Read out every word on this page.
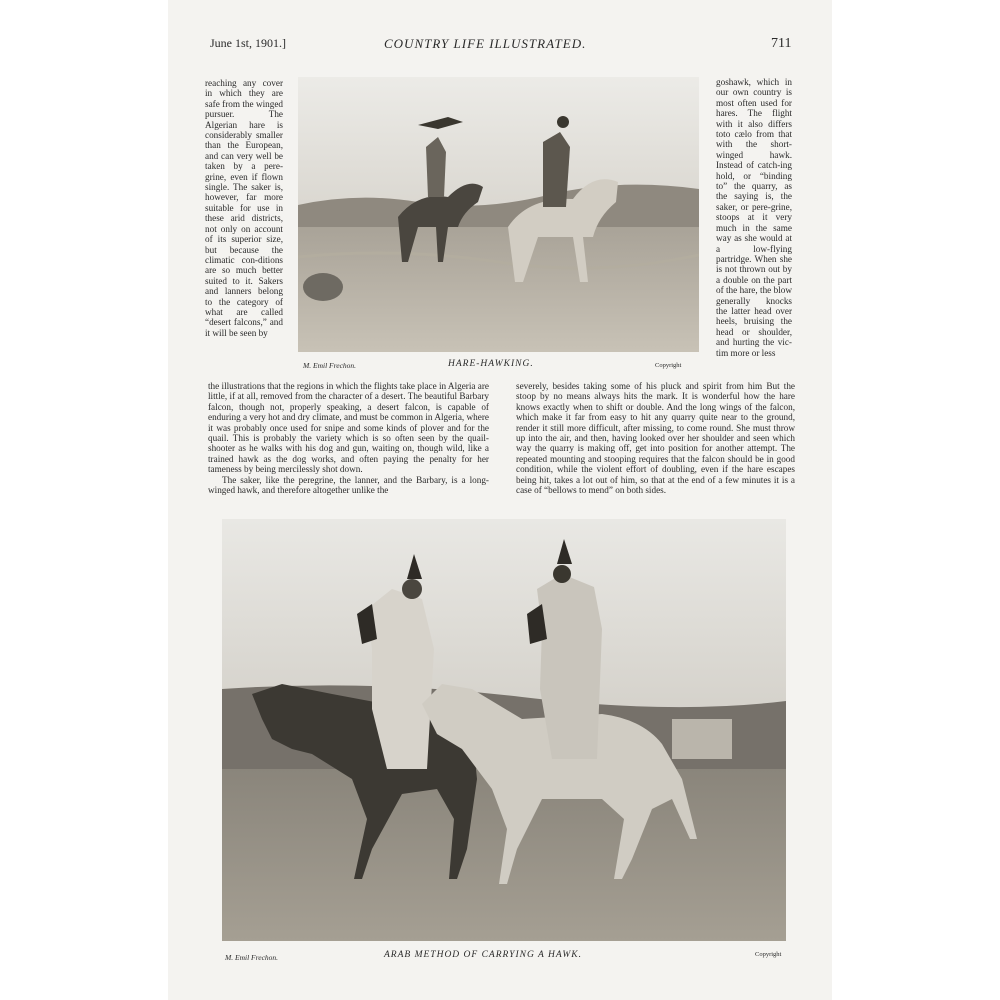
June 1st, 1901.]	COUNTRY LIFE ILLUSTRATED.	711

reaching any cover in which they are safe from the winged pursuer. The Algerian hare is considerably smaller than the European, and can very well be taken by a pere-grine, even if flown single. The saker is, however, far more suitable for use in these arid districts, not only on account of its superior size, but because the climatic con-ditions are so much better suited to it. Sakers and lanners belong to the category of what are called “desert falcons,” and it will be seen by

goshawk, which in our own country is most often used for hares. The flight with it also differs toto cælo from that with the short-winged hawk. Instead of catch-ing hold, or “binding to” the quarry, as the saying is, the saker, or pere-grine, stoops at it very much in the same way as she would at a low-flying partridge. When she is not thrown out by a double on the part of the hare, the blow generally knocks the latter head over heels, bruising the head or shoulder, and hurting the vic-tim more or less

M. Emil Frechon.	HARE-HAWKING.	Copyright

the illustrations that the regions in which the flights take place in Algeria are little, if at all, removed from the character of a desert. The beautiful Barbary falcon, though not, properly speaking, a desert falcon, is capable of enduring a very hot and dry climate, and must be common in Algeria, where it was probably once used for snipe and some kinds of plover and for the quail. This is probably the variety which is so often seen by the quail-shooter as he walks with his dog and gun, waiting on, though wild, like a trained hawk as the dog works, and often paying the penalty for her tameness by being mercilessly shot down.

The saker, like the peregrine, the lanner, and the Barbary, is a long-winged hawk, and therefore altogether unlike the

severely, besides taking some of his pluck and spirit from him But the stoop by no means always hits the mark. It is wonderful how the hare knows exactly when to shift or double. And the long wings of the falcon, which make it far from easy to hit any quarry quite near to the ground, render it still more difficult, after missing, to come round. She must throw up into the air, and then, having looked over her shoulder and seen which way the quarry is making off, get into position for another attempt. The repeated mounting and stooping requires that the falcon should be in good condition, while the violent effort of doubling, even if the hare escapes being hit, takes a lot out of him, so that at the end of a few minutes it is a case of “bellows to mend” on both sides.

M. Emil Frechon.	ARAB METHOD OF CARRYING A HAWK.	Copyright
